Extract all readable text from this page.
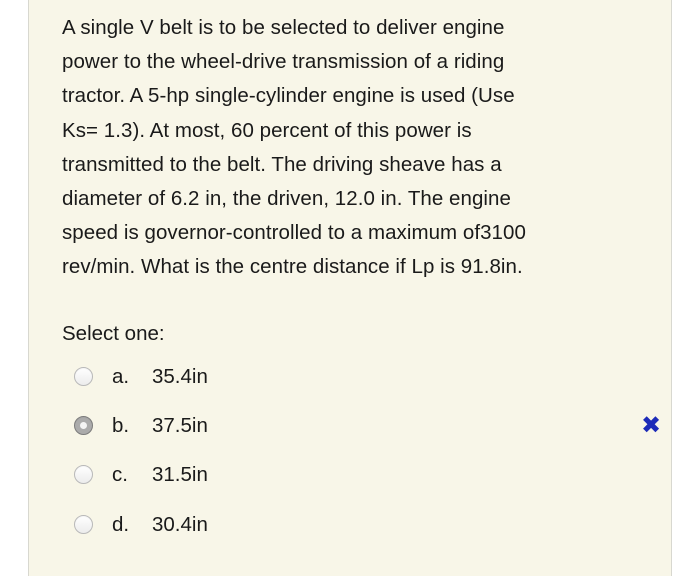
A single V belt is to be selected to deliver engine
power to the wheel-drive transmission of a riding
tractor. A 5-hp single-cylinder engine is used (Use
Ks= 1.3). At most, 60 percent of this power is
transmitted to the belt. The driving sheave has a
diameter of 6.2 in, the driven, 12.0 in. The engine
speed is governor-controlled to a maximum of3100
rev/min. What is the centre distance if Lp is 91.8in.
Select one:
a. 35.4in
b. 37.5in	✖
c. 31.5in
d. 30.4in
